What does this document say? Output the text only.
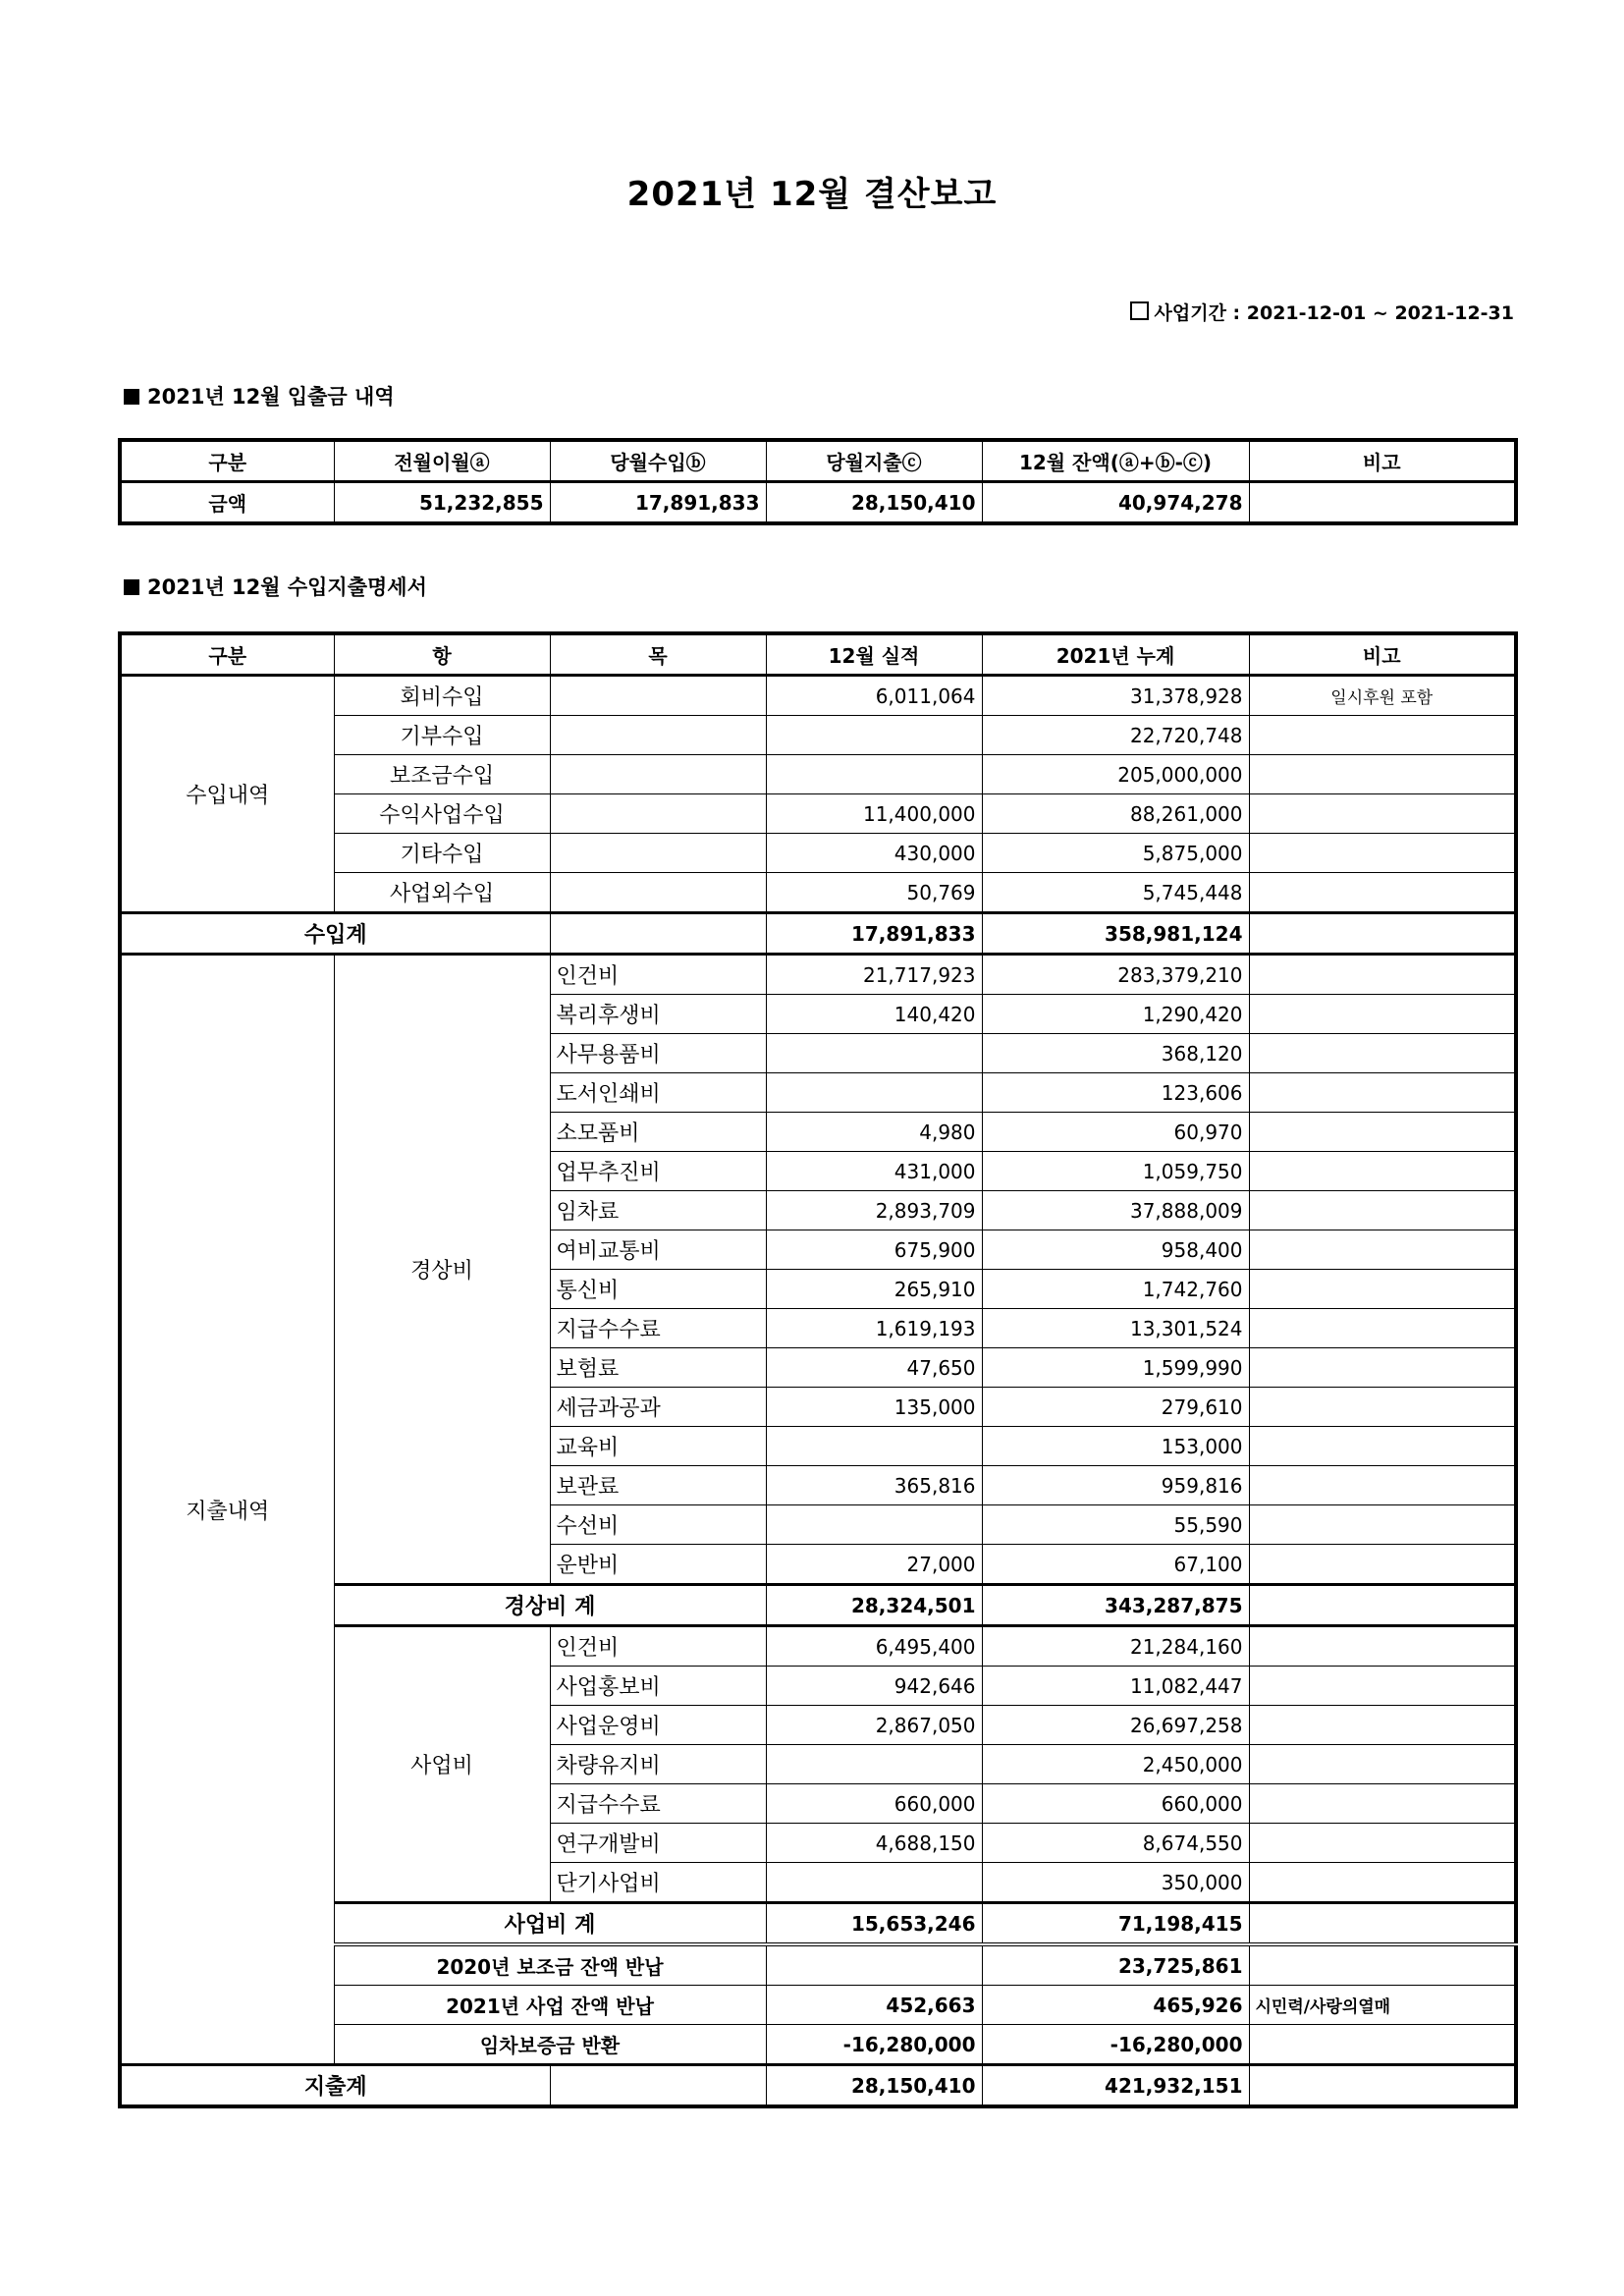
2021년 12월 결산보고
사업기간 : 2021-12-01 ~ 2021-12-31
2021년 12월 입출금 내역
구분	전월이월ⓐ	당월수입ⓑ	당월지출ⓒ	12월 잔액(ⓐ+ⓑ-ⓒ)	비고
금액	51,232,855	17,891,833	28,150,410	40,974,278	
2021년 12월 수입지출명세서
구분	항	목	12월 실적	2021년 누계	비고
수입내역	회비수입		6,011,064	31,378,928	일시후원 포함
	기부수입			22,720,748	
	보조금수입			205,000,000	
	수익사업수입		11,400,000	88,261,000	
	기타수입		430,000	5,875,000	
	사업외수입		50,769	5,745,448	
수입계			17,891,833	358,981,124	
지출내역	경상비	인건비	21,717,923	283,379,210	
		복리후생비	140,420	1,290,420	
		사무용품비		368,120	
		도서인쇄비		123,606	
		소모품비	4,980	60,970	
		업무추진비	431,000	1,059,750	
		임차료	2,893,709	37,888,009	
		여비교통비	675,900	958,400	
		통신비	265,910	1,742,760	
		지급수수료	1,619,193	13,301,524	
		보험료	47,650	1,599,990	
		세금과공과	135,000	279,610	
		교육비		153,000	
		보관료	365,816	959,816	
		수선비		55,590	
		운반비	27,000	67,100	
	경상비 계		28,324,501	343,287,875	
	사업비	인건비	6,495,400	21,284,160	
		사업홍보비	942,646	11,082,447	
		사업운영비	2,867,050	26,697,258	
		차량유지비		2,450,000	
		지급수수료	660,000	660,000	
		연구개발비	4,688,150	8,674,550	
		단기사업비		350,000	
	사업비 계		15,653,246	71,198,415	
	2020년 보조금 잔액 반납			23,725,861	
	2021년 사업 잔액 반납		452,663	465,926	시민력/사랑의열매
	임차보증금 반환		-16,280,000	-16,280,000	
지출계			28,150,410	421,932,151	
